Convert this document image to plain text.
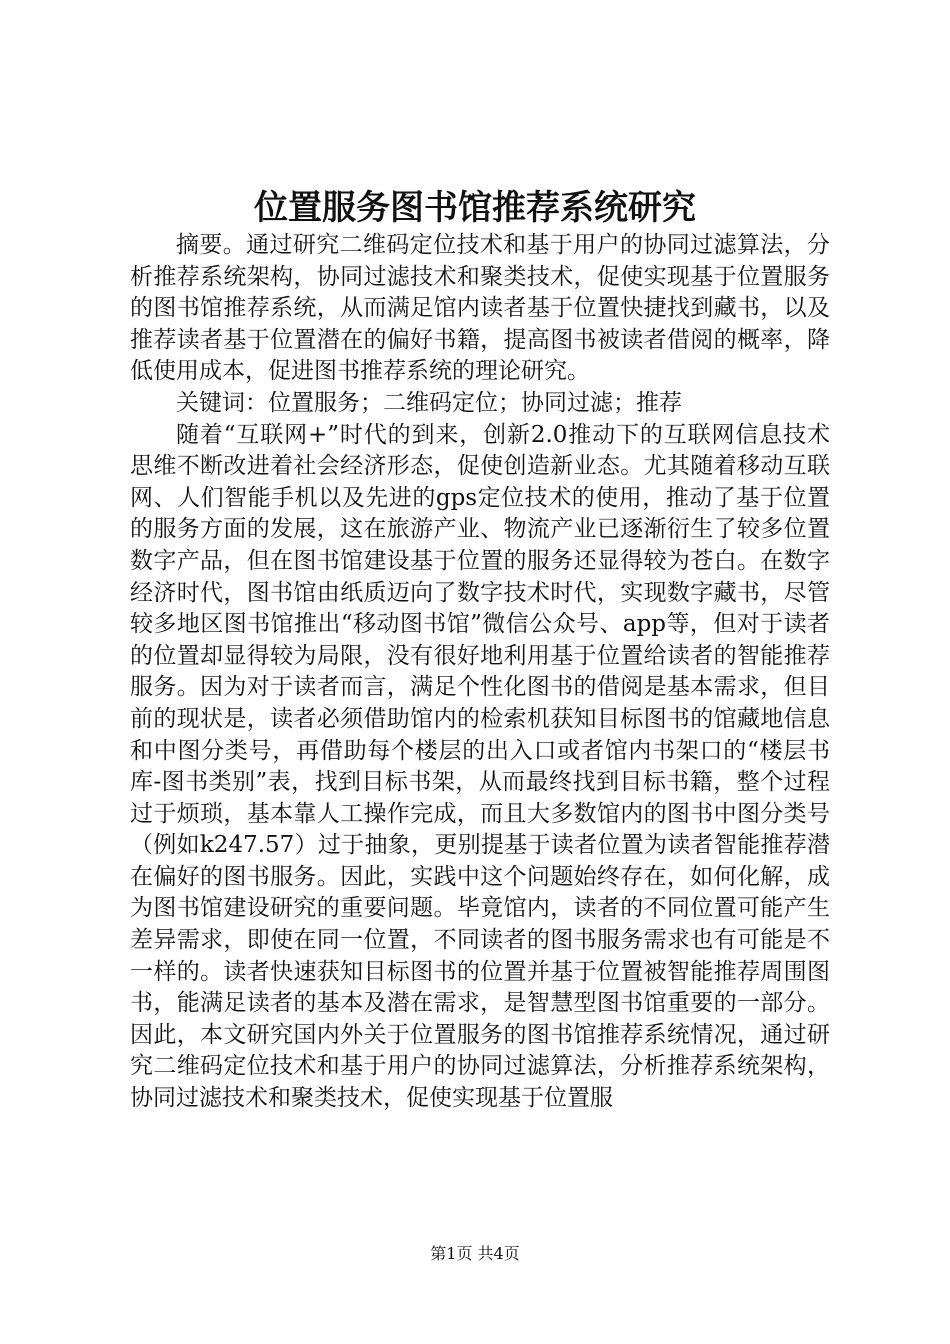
位置服务图书馆推荐系统研究

摘要。通过研究二维码定位技术和基于用户的协同过滤算法，分析推荐系统架构，协同过滤技术和聚类技术，促使实现基于位置服务的图书馆推荐系统，从而满足馆内读者基于位置快捷找到藏书，以及推荐读者基于位置潜在的偏好书籍，提高图书被读者借阅的概率，降低使用成本，促进图书推荐系统的理论研究。

关键词：位置服务；二维码定位；协同过滤；推荐

随着“互联网+”时代的到来，创新2.0推动下的互联网信息技术思维不断改进着社会经济形态，促使创造新业态。尤其随着移动互联网、人们智能手机以及先进的gps定位技术的使用，推动了基于位置的服务方面的发展，这在旅游产业、物流产业已逐渐衍生了较多位置数字产品，但在图书馆建设基于位置的服务还显得较为苍白。在数字经济时代，图书馆由纸质迈向了数字技术时代，实现数字藏书，尽管较多地区图书馆推出“移动图书馆”微信公众号、app等，但对于读者的位置却显得较为局限，没有很好地利用基于位置给读者的智能推荐服务。因为对于读者而言，满足个性化图书的借阅是基本需求，但目前的现状是，读者必须借助馆内的检索机获知目标图书的馆藏地信息和中图分类号，再借助每个楼层的出入口或者馆内书架口的“楼层书库-图书类别”表，找到目标书架，从而最终找到目标书籍，整个过程过于烦琐，基本靠人工操作完成，而且大多数馆内的图书中图分类号（例如k247.57）过于抽象，更别提基于读者位置为读者智能推荐潜在偏好的图书服务。因此，实践中这个问题始终存在，如何化解，成为图书馆建设研究的重要问题。毕竟馆内，读者的不同位置可能产生差异需求，即使在同一位置，不同读者的图书服务需求也有可能是不一样的。读者快速获知目标图书的位置并基于位置被智能推荐周围图书，能满足读者的基本及潜在需求，是智慧型图书馆重要的一部分。因此，本文研究国内外关于位置服务的图书馆推荐系统情况，通过研究二维码定位技术和基于用户的协同过滤算法，分析推荐系统架构，协同过滤技术和聚类技术，促使实现基于位置服

第1页 共4页
